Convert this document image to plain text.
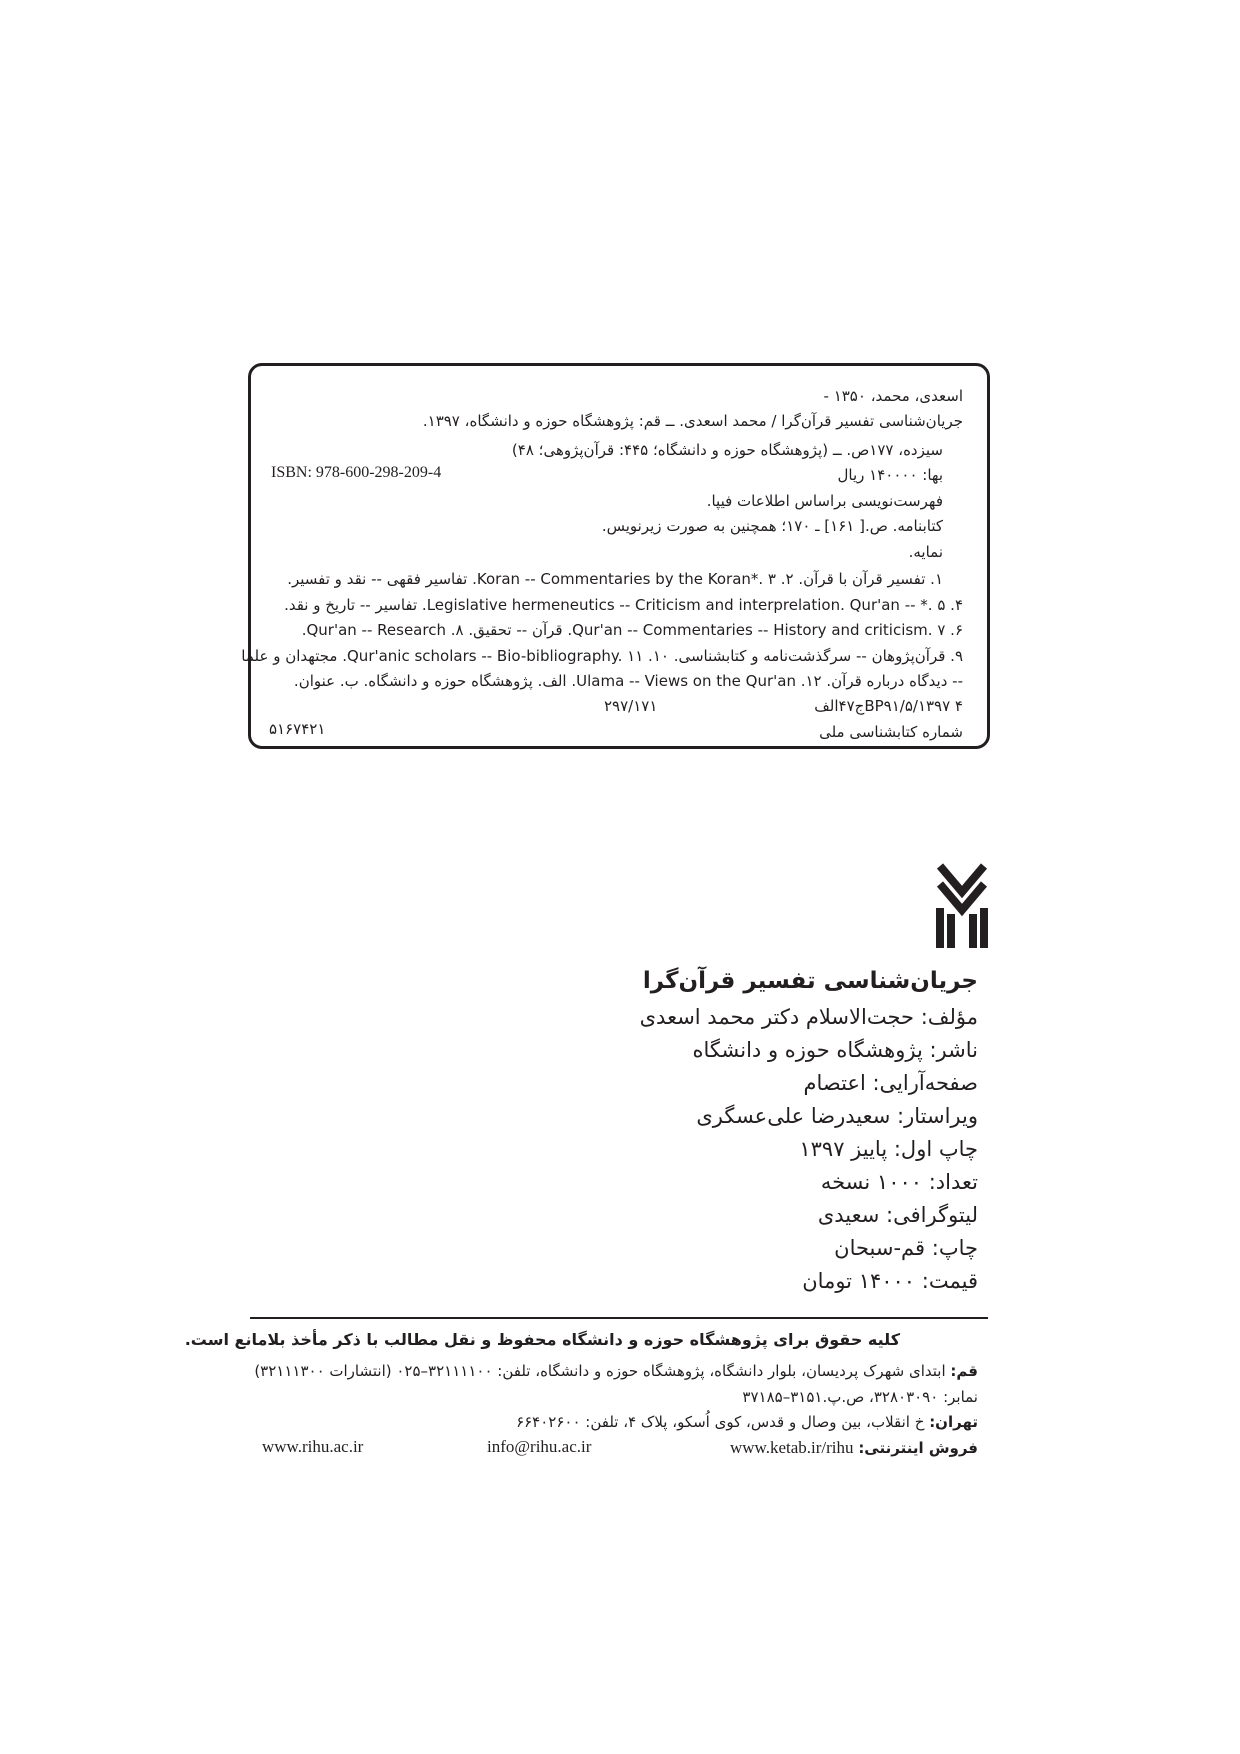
اسعدی، محمد، ۱۳۵۰ -
جریان‌شناسی تفسیر قرآن‌گرا / محمد اسعدی. ــ قم: پژوهشگاه حوزه و دانشگاه، ۱۳۹۷.
سیزده، ۱۷۷ص. ــ (پژوهشگاه حوزه و دانشگاه؛ ۴۴۵: قرآن‌پژوهی؛ ۴۸)
بها: ۱۴۰۰۰۰ ریال
فهرست‌نویسی براساس اطلاعات فیپا.
کتابنامه. ص.[ ۱۶۱] ـ ۱۷۰؛ همچنین به صورت زیرنویس.
نمایه.
۱. تفسیر قرآن با قرآن. ۲. Koran -- Commentaries by the Koran*. ۳. تفاسیر فقهی -- نقد و تفسیر.
۴. Legislative hermeneutics -- Criticism and interprelation. Qur'an -- *. ۵. تفاسیر -- تاریخ و نقد.
۶. Qur'an -- Commentaries -- History and criticism. ۷. قرآن -- تحقیق. ۸. Qur'an -- Research.
۹. قرآن‌پژوهان -- سرگذشت‌نامه و کتابشناسی. ۱۰. Qur'anic scholars -- Bio-bibliography. ۱۱. مجتهدان و علما
-- دیدگاه درباره قرآن. ۱۲. Ulama -- Views on the Qur'an. الف. پژوهشگاه حوزه و دانشگاه. ب. عنوان.
BP۹۱/۵/۱۳۹۷ ۴ج۴۷الف
شماره کتابشناسی ملی
ISBN: 978-600-298-209-4
۲۹۷/۱۷۱
۵۱۶۷۴۲۱
جریان‌شناسی تفسیر قرآن‌گرا
مؤلف: حجت‌الاسلام دکتر محمد اسعدی
ناشر: پژوهشگاه حوزه و دانشگاه
صفحه‌آرایی: اعتصام
ویراستار: سعیدرضا علی‌عسگری
چاپ اول: پاییز ۱۳۹۷
تعداد: ۱۰۰۰ نسخه
لیتوگرافی: سعیدی
چاپ: قم-سبحان
قیمت: ۱۴۰۰۰ تومان
کلیه حقوق برای پژوهشگاه حوزه و دانشگاه محفوظ و نقل مطالب با ذکر مأخذ بلامانع است.
قم: ابتدای شهرک پردیسان، بلوار دانشگاه، پژوهشگاه حوزه و دانشگاه، تلفن: ۳۲۱۱۱۱۰۰–۰۲۵ (انتشارات ۳۲۱۱۱۳۰۰)
نمابر: ۳۲۸۰۳۰۹۰، ص.پ.۳۱۵۱–۳۷۱۸۵
تهران: خ انقلاب، بین وصال و قدس، کوی اُسکو، پلاک ۴، تلفن: ۶۶۴۰۲۶۰۰
فروش اینترنتی: www.ketab.ir/rihu
info@rihu.ac.ir
www.rihu.ac.ir
